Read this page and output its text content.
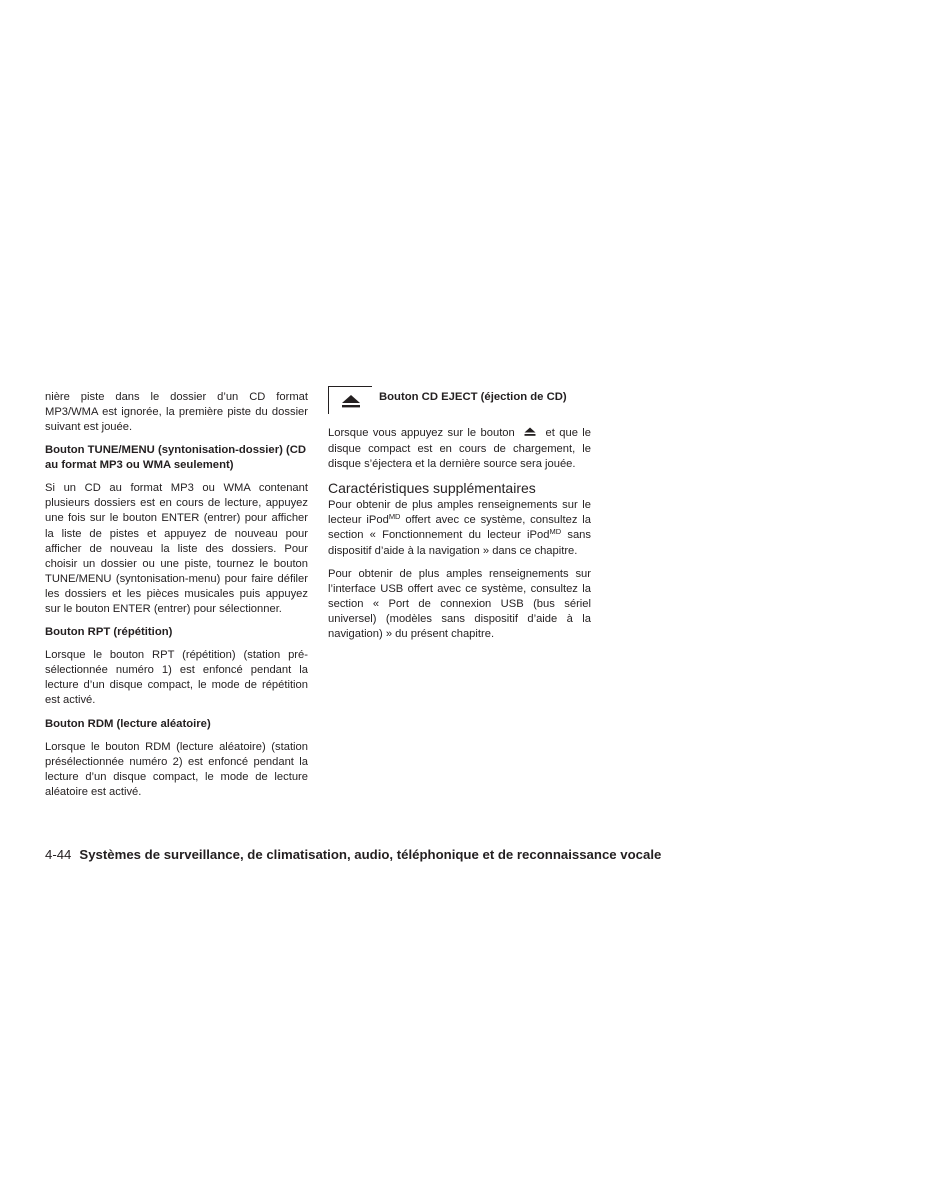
nière piste dans le dossier d’un CD format MP3/WMA est ignorée, la première piste du dossier suivant est jouée.

Bouton TUNE/MENU (syntonisation-dossier) (CD au format MP3 ou WMA seulement)

Si un CD au format MP3 ou WMA contenant plusieurs dossiers est en cours de lecture, appuyez une fois sur le bouton ENTER (entrer) pour afficher la liste de pistes et appuyez de nouveau pour afficher de nouveau la liste des dossiers. Pour choisir un dossier ou une piste, tournez le bouton TUNE/MENU (syntonisation-menu) pour faire défiler les dossiers et les pièces musicales puis appuyez sur le bouton ENTER (entrer) pour sélectionner.

Bouton RPT (répétition)

Lorsque le bouton RPT (répétition) (station présélectionnée numéro 1) est enfoncé pendant la lecture d’un disque compact, le mode de répétition est activé.

Bouton RDM (lecture aléatoire)

Lorsque le bouton RDM (lecture aléatoire) (station présélectionnée numéro 2) est enfoncé pendant la lecture d’un disque compact, le mode de lecture aléatoire est activé.

Bouton CD EJECT (éjection de CD)

Lorsque vous appuyez sur le bouton	et que le disque compact est en cours de chargement, le disque s’éjectera et la dernière source sera jouée.

Caractéristiques supplémentaires

Pour obtenir de plus amples renseignements sur le lecteur iPod$^{MD}$ offert avec ce système, consultez la section « Fonctionnement du lecteur iPod$^{MD}$ sans dispositif d’aide à la navigation » dans ce chapitre.

Pour obtenir de plus amples renseignements sur l’interface USB offert avec ce système, consultez la section « Port de connexion USB (bus sériel universel) (modèles sans dispositif d’aide à la navigation) » du présent chapitre.

4-44 Systèmes de surveillance, de climatisation, audio, téléphonique et de reconnaissance vocale
